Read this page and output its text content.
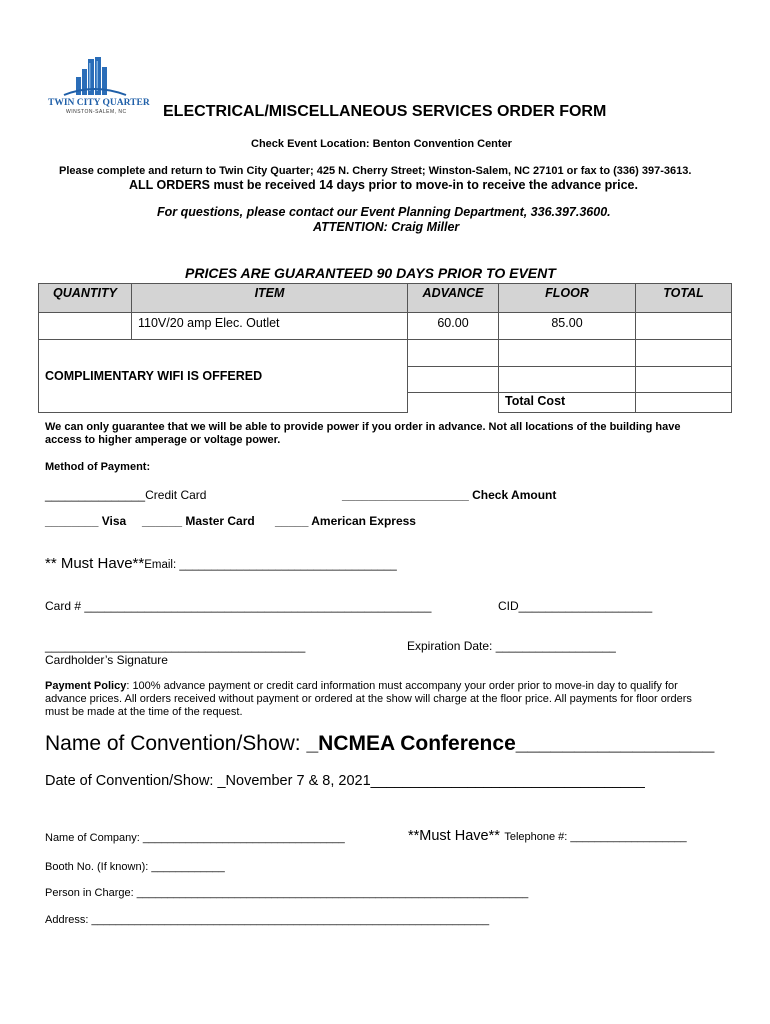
TWIN CITY QUARTER
WINSTON-SALEM, NC ELECTRICAL/MISCELLANEOUS SERVICES ORDER FORM
Check Event Location: Benton Convention Center
Please complete and return to Twin City Quarter; 425 N. Cherry Street; Winston-Salem, NC 27101 or fax to (336) 397-3613.
ALL ORDERS must be received 14 days prior to move-in to receive the advance price.
For questions, please contact our Event Planning Department, 336.397.3600.
ATTENTION: Craig Miller
PRICES ARE GUARANTEED 90 DAYS PRIOR TO EVENT
QUANTITY	ITEM	ADVANCE	FLOOR	TOTAL
	110V/20 amp Elec. Outlet	60.00	85.00	
COMPLIMENTARY WIFI IS OFFERED				

			Total Cost	
We can only guarantee that we will be able to provide power if you order in advance. Not all locations of the building have
access to higher amperage or voltage power.
Method of Payment:
_______________Credit Card	___________________ Check Amount
________ Visa ______ Master Card _____ American Express
** Must Have**Email: __________________________________
Card # ____________________________________________________	CID____________________
_______________________________________	Expiration Date: __________________
Cardholder’s Signature
Payment Policy: 100% advance payment or credit card information must accompany your order prior to move-in day to qualify for
advance prices. All orders received without payment or ordered at the show will charge at the floor price. All payments for floor orders
must be made at the time of the request.
Name of Convention/Show: _NCMEA Conference_________________
Date of Convention/Show: _November 7 & 8, 2021__________________________________
Name of Company: _________________________________	**Must Have** Telephone #: ___________________
Booth No. (If known): ____________
Person in Charge: ________________________________________________________________
Address: _________________________________________________________________
